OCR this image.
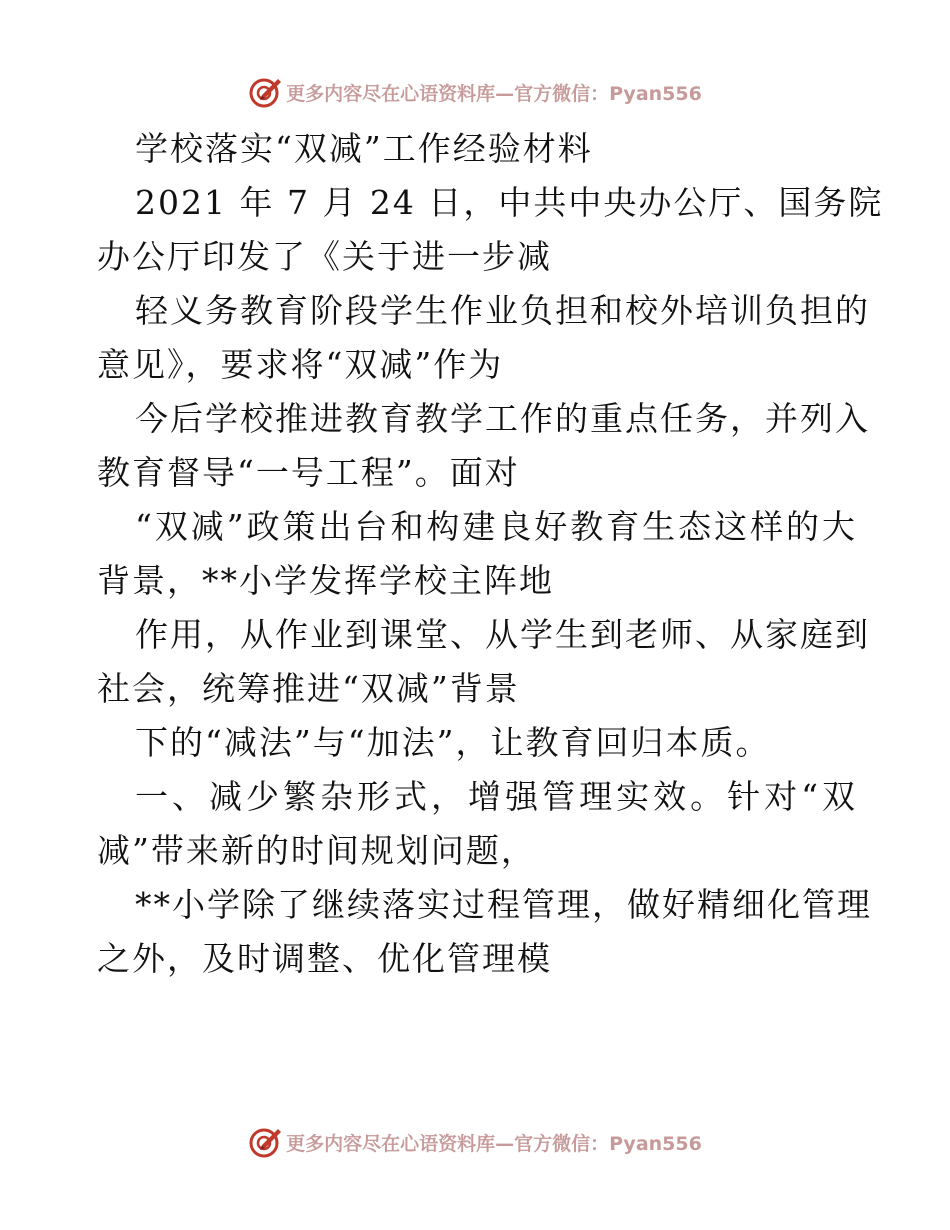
更多内容尽在心语资料库—官方微信：Pyan556
学校落实“双减”工作经验材料
2021 年 7 月 24 日，中共中央办公厅、国务院
办公厅印发了《关于进一步减
轻义务教育阶段学生作业负担和校外培训负担的
意见》，要求将“双减”作为
今后学校推进教育教学工作的重点任务，并列入
教育督导“一号工程”。面对
“双减”政策出台和构建良好教育生态这样的大
背景，**小学发挥学校主阵地
作用，从作业到课堂、从学生到老师、从家庭到
社会，统筹推进“双减”背景
下的“减法”与“加法”，让教育回归本质。
一、减少繁杂形式，增强管理实效。针对“双
减”带来新的时间规划问题，
**小学除了继续落实过程管理，做好精细化管理
之外，及时调整、优化管理模
更多内容尽在心语资料库—官方微信：Pyan556
